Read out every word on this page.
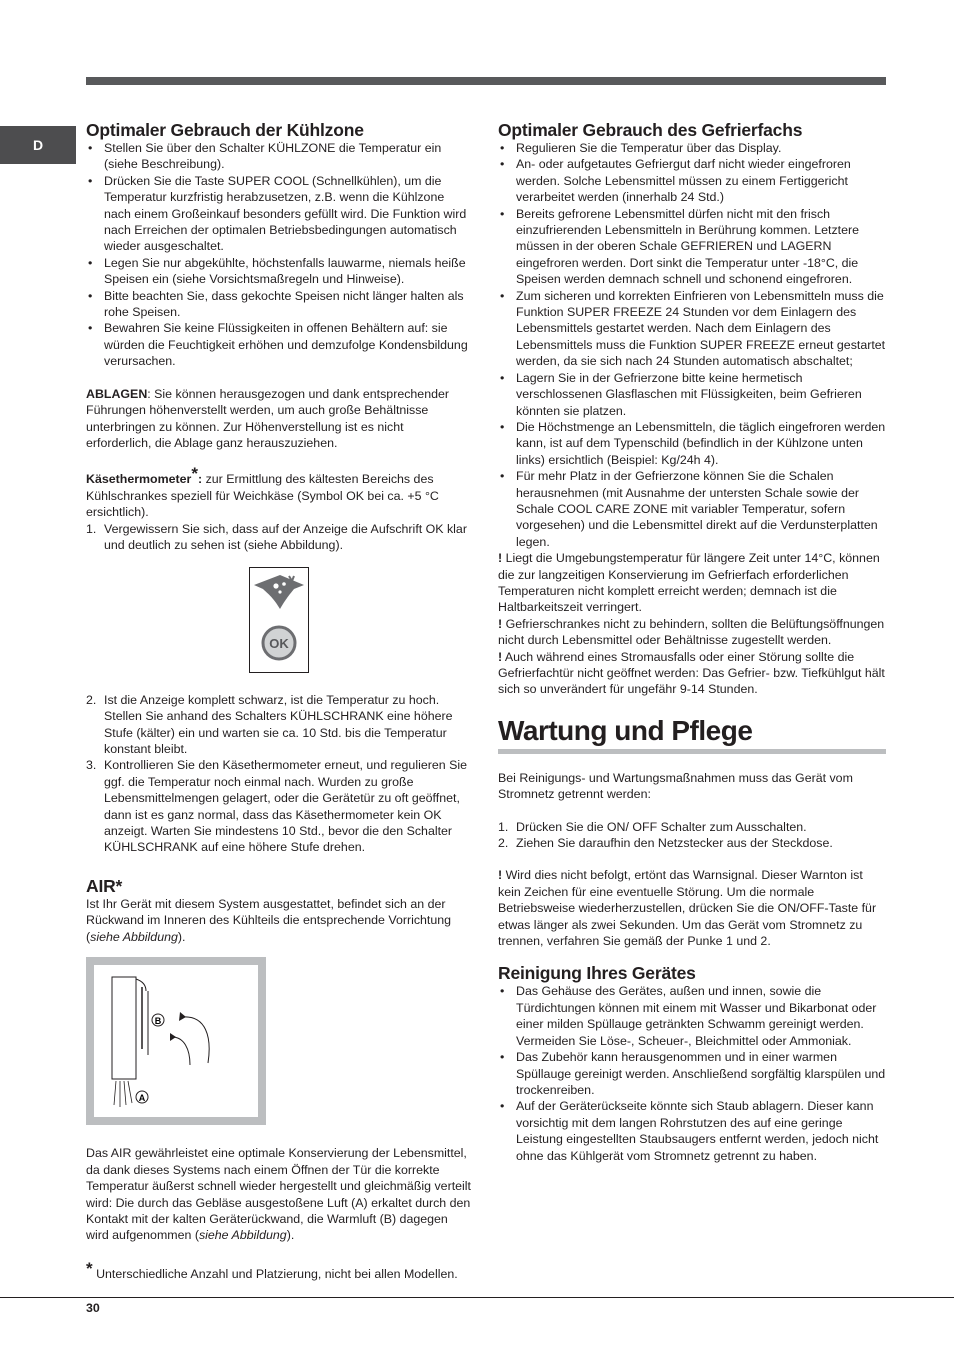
D
Optimaler Gebrauch der Kühlzone
• Stellen Sie über den Schalter KÜHLZONE die Temperatur ein (siehe Beschreibung).
• Drücken Sie die Taste SUPER COOL (Schnellkühlen), um die Temperatur kurzfristig herabzusetzen, z.B. wenn die Kühlzone nach einem Großeinkauf besonders gefüllt wird. Die Funktion wird nach Erreichen der optimalen Betriebsbedingungen automatisch wieder ausgeschaltet.
• Legen Sie nur abgekühlte, höchstenfalls lauwarme, niemals heiße Speisen ein (siehe Vorsichtsmaßregeln und Hinweise).
• Bitte beachten Sie, dass gekochte Speisen nicht länger halten als rohe Speisen.
• Bewahren Sie keine Flüssigkeiten in offenen Behältern auf: sie würden die Feuchtigkeit erhöhen und demzufolge Kondensbildung verursachen.

ABLAGEN: Sie können herausgezogen und dank entsprechender Führungen höhenverstellt werden, um auch große Behältnisse unterbringen zu können. Zur Höhenverstellung ist es nicht erforderlich, die Ablage ganz herauszuziehen.

Käsethermometer*: zur Ermittlung des kältesten Bereichs des Kühlschrankes speziell für Weichkäse (Symbol OK bei ca. +5 °C ersichtlich).

1. Vergewissern Sie sich, dass auf der Anzeige die Aufschrift OK klar und deutlich zu sehen ist (siehe Abbildung).
OK
2. Ist die Anzeige komplett schwarz, ist die Temperatur zu hoch. Stellen Sie anhand des Schalters KÜHLSCHRANK eine höhere Stufe (kälter) ein und warten sie ca. 10 Std. bis die Temperatur konstant bleibt.
3. Kontrollieren Sie den Käsethermometer erneut, und regulieren Sie ggf. die Temperatur noch einmal nach. Wurden zu große Lebensmittelmengen gelagert, oder die Gerätetür zu oft geöffnet, dann ist es ganz normal, dass das Käsethermometer kein OK anzeigt. Warten Sie mindestens 10 Std., bevor die den Schalter KÜHLSCHRANK auf eine höhere Stufe drehen.
AIR*

Ist Ihr Gerät mit diesem System ausgestattet, befindet sich an der Rückwand im Inneren des Kühlteils die entsprechende Vorrichtung (siehe Abbildung).

B
A

Das AIR gewährleistet eine optimale Konservierung der Lebensmittel, da dank dieses Systems nach einem Öffnen der Tür die korrekte Temperatur äußerst schnell wieder hergestellt und gleichmäßig verteilt wird: Die durch das Gebläse ausgestoßene Luft (A) erkaltet durch den Kontakt mit der kalten Geräterückwand, die Warmluft (B) dagegen wird aufgenommen (siehe Abbildung).

Optimaler Gebrauch des Gefrierfachs
• Regulieren Sie die Temperatur über das Display.
• An- oder aufgetautes Gefriergut darf nicht wieder eingefroren werden. Solche Lebensmittel müssen zu einem Fertiggericht verarbeitet werden (innerhalb 24 Std.)
• Bereits gefrorene Lebensmittel dürfen nicht mit den frisch einzufrierenden Lebensmitteln in Berührung kommen. Letztere müssen in der oberen Schale GEFRIEREN und LAGERN eingefroren werden. Dort sinkt die Temperatur unter -18°C, die Speisen werden demnach schnell und schonend eingefroren.
• Zum sicheren und korrekten Einfrieren von Lebensmitteln muss die Funktion SUPER FREEZE 24 Stunden vor dem Einlagern des Lebensmittels gestartet werden. Nach dem Einlagern des Lebensmittels muss die Funktion SUPER FREEZE erneut gestartet werden, da sie sich nach 24 Stunden automatisch abschaltet;
• Lagern Sie in der Gefrierzone bitte keine hermetisch verschlossenen Glasflaschen mit Flüssigkeiten, beim Gefrieren könnten sie platzen.
• Die Höchstmenge an Lebensmitteln, die täglich eingefroren werden kann, ist auf dem Typenschild (befindlich in der Kühlzone unten links) ersichtlich (Beispiel: Kg/24h 4).
• Für mehr Platz in der Gefrierzone können Sie die Schalen herausnehmen (mit Ausnahme der untersten Schale sowie der Schale COOL CARE ZONE mit variabler Temperatur, sofern vorgesehen) und die Lebensmittel direkt auf die Verdunsterplatten legen.

! Liegt die Umgebungstemperatur für längere Zeit unter 14°C, können die zur langzeitigen Konservierung im Gefrierfach erforderlichen Temperaturen nicht komplett erreicht werden; demnach ist die Haltbarkeitszeit verringert.

! Gefrierschrankes nicht zu behindern, sollten die Belüftungsöffnungen nicht durch Lebensmittel oder Behältnisse zugestellt werden.

! Auch während eines Stromausfalls oder einer Störung sollte die Gefrierfachtür nicht geöffnet werden: Das Gefrier- bzw. Tiefkühlgut hält sich so unverändert für ungefähr 9-14 Stunden.

Wartung und Pflege

Bei Reinigungs- und Wartungsmaßnahmen muss das Gerät vom Stromnetz getrennt werden:

1. Drücken Sie die ON/ OFF Schalter zum Ausschalten.
2. Ziehen Sie daraufhin den Netzstecker aus der Steckdose.

! Wird dies nicht befolgt, ertönt das Warnsignal. Dieser Warnton ist kein Zeichen für eine eventuelle Störung. Um die normale Betriebsweise wiederherzustellen, drücken Sie die ON/OFF-Taste für etwas länger als zwei Sekunden. Um das Gerät vom Stromnetz zu trennen, verfahren Sie gemäß der Punke 1 und 2.

Reinigung Ihres Gerätes
• Das Gehäuse des Gerätes, außen und innen, sowie die Türdichtungen können mit einem mit Wasser und Bikarbonat oder einer milden Spüllauge getränkten Schwamm gereinigt werden. Vermeiden Sie Löse-, Scheuer-, Bleichmittel oder Ammoniak.
• Das Zubehör kann herausgenommen und in einer warmen Spüllauge gereinigt werden. Anschließend sorgfältig klarspülen und trockenreiben.
• Auf der Geräterückseite könnte sich Staub ablagern. Dieser kann vorsichtig mit dem langen Rohrstutzen des auf eine geringe Leistung eingestellten Staubsaugers entfernt werden, jedoch nicht ohne das Kühlgerät vom Stromnetz getrennt zu haben.
* Unterschiedliche Anzahl und Platzierung, nicht bei allen Modellen.
30
